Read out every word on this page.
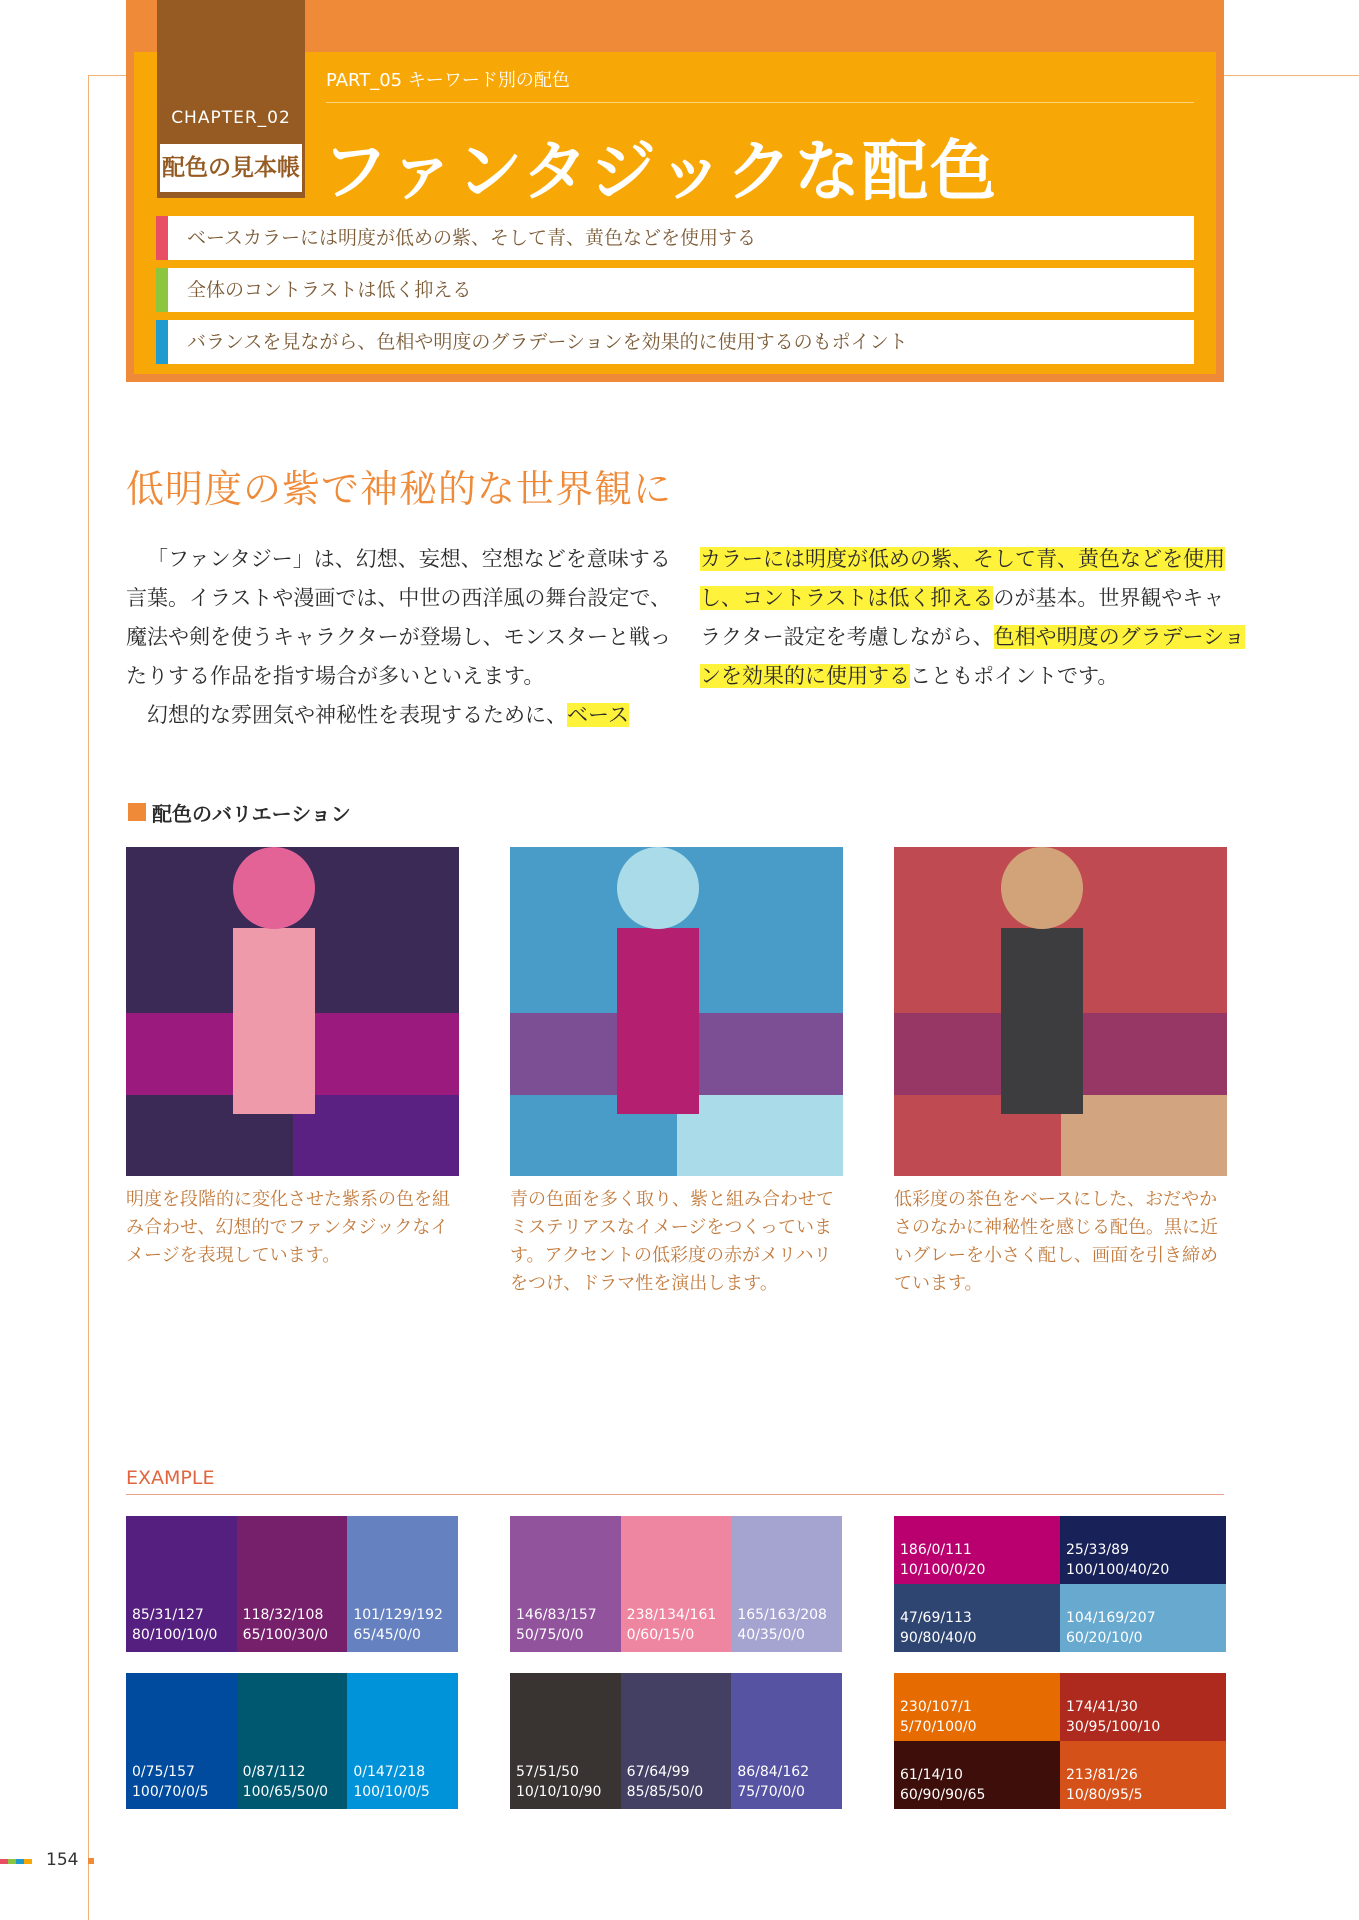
CHAPTER_02
配色の見本帳
PART_05 キーワード別の配色
ファンタジックな配色
ベースカラーには明度が低めの紫、そして青、黄色などを使用する
全体のコントラストは低く抑える
バランスを見ながら、色相や明度のグラデーションを効果的に使用するのもポイント
低明度の紫で神秘的な世界観に
「ファンタジー」は、幻想、妄想、空想などを意味する言葉。イラストや漫画では、中世の西洋風の舞台設定で、魔法や剣を使うキャラクターが登場し、モンスターと戦ったりする作品を指す場合が多いといえます。
幻想的な雰囲気や神秘性を表現するために、ベース
カラーには明度が低めの紫、そして青、黄色などを使用し、コントラストは低く抑えるのが基本。世界観やキャラクター設定を考慮しながら、色相や明度のグラデーションを効果的に使用することもポイントです。
配色のバリエーション
明度を段階的に変化させた紫系の色を組み合わせ、幻想的でファンタジックなイメージを表現しています。
青の色面を多く取り、紫と組み合わせてミステリアスなイメージをつくっています。アクセントの低彩度の赤がメリハリをつけ、ドラマ性を演出します。
低彩度の茶色をベースにした、おだやかさのなかに神秘性を感じる配色。黒に近いグレーを小さく配し、画面を引き締めています。
EXAMPLE
85/31/127
80/100/10/0
118/32/108
65/100/30/0
101/129/192
65/45/0/0
146/83/157
50/75/0/0
238/134/161
0/60/15/0
165/163/208
40/35/0/0
186/0/111
10/100/0/20
25/33/89
100/100/40/20
47/69/113
90/80/40/0
104/169/207
60/20/10/0
0/75/157
100/70/0/5
0/87/112
100/65/50/0
0/147/218
100/10/0/5
57/51/50
10/10/10/90
67/64/99
85/85/50/0
86/84/162
75/70/0/0
230/107/1
5/70/100/0
174/41/30
30/95/100/10
61/14/10
60/90/90/65
213/81/26
10/80/95/5
154
